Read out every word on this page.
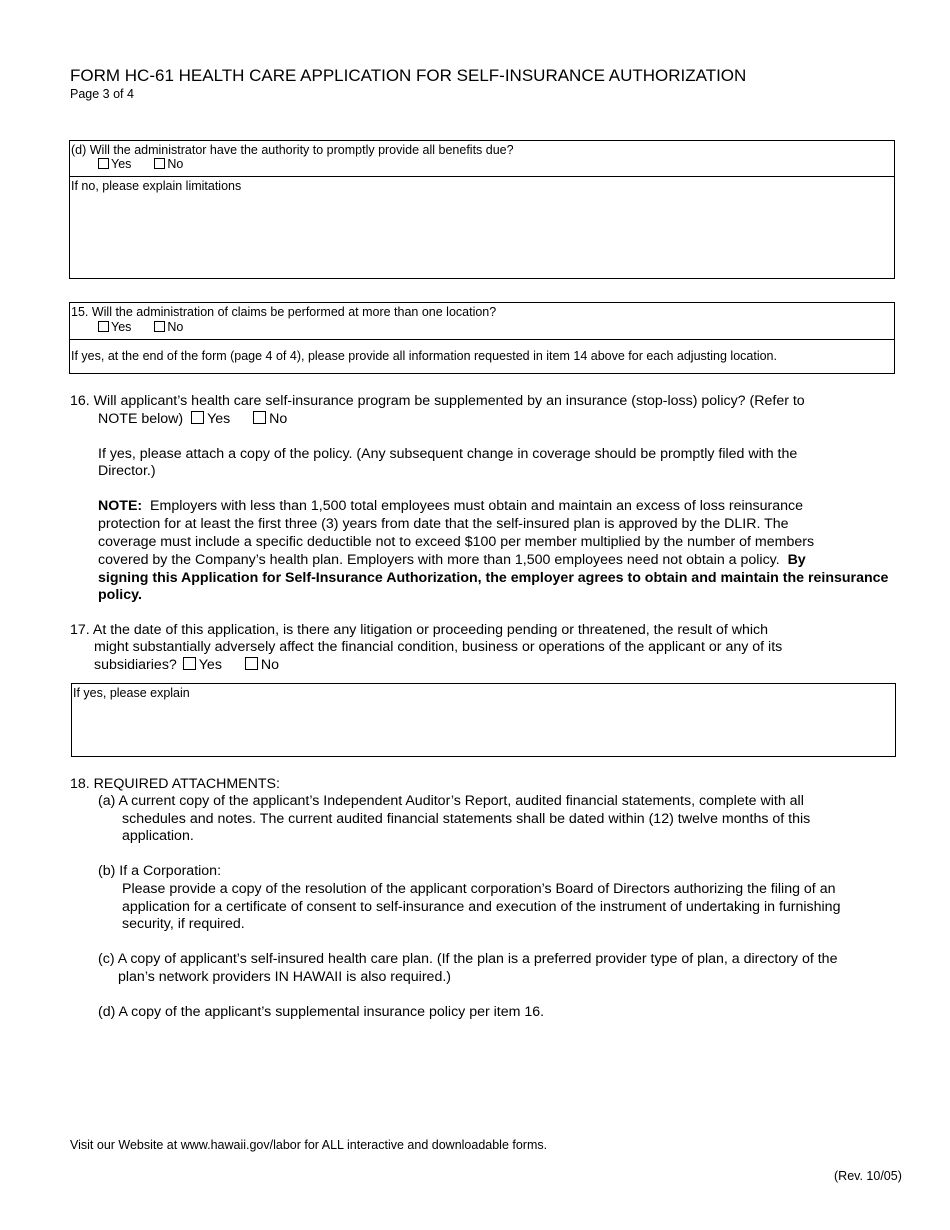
FORM HC-61 HEALTH CARE APPLICATION FOR SELF-INSURANCE AUTHORIZATION
Page 3 of 4
(d) Will the administrator have the authority to promptly provide all benefits due?
Yes	No
If no, please explain limitations
15. Will the administration of claims be performed at more than one location?
Yes	No
If yes, at the end of the form (page 4 of 4), please provide all information requested in item 14 above for each adjusting location.
16. Will applicant’s health care self-insurance program be supplemented by an insurance (stop-loss) policy? (Refer to
NOTE below) Yes	No
If yes, please attach a copy of the policy. (Any subsequent change in coverage should be promptly filed with the
Director.)
NOTE: Employers with less than 1,500 total employees must obtain and maintain an excess of loss reinsurance
protection for at least the first three (3) years from date that the self-insured plan is approved by the DLIR. The
coverage must include a specific deductible not to exceed $100 per member multiplied by the number of members
covered by the Company’s health plan. Employers with more than 1,500 employees need not obtain a policy. By
signing this Application for Self-Insurance Authorization, the employer agrees to obtain and maintain the reinsurance
policy.
17. At the date of this application, is there any litigation or proceeding pending or threatened, the result of which
might substantially adversely affect the financial condition, business or operations of the applicant or any of its
subsidiaries? Yes	No
If yes, please explain
18. REQUIRED ATTACHMENTS:
(a) A current copy of the applicant’s Independent Auditor’s Report, audited financial statements, complete with all
schedules and notes. The current audited financial statements shall be dated within (12) twelve months of this
application.
(b) If a Corporation:
Please provide a copy of the resolution of the applicant corporation’s Board of Directors authorizing the filing of an
application for a certificate of consent to self-insurance and execution of the instrument of undertaking in furnishing
security, if required.
(c) A copy of applicant’s self-insured health care plan. (If the plan is a preferred provider type of plan, a directory of the
plan’s network providers IN HAWAII is also required.)
(d) A copy of the applicant’s supplemental insurance policy per item 16.
Visit our Website at www.hawaii.gov/labor for ALL interactive and downloadable forms.
(Rev. 10/05)
